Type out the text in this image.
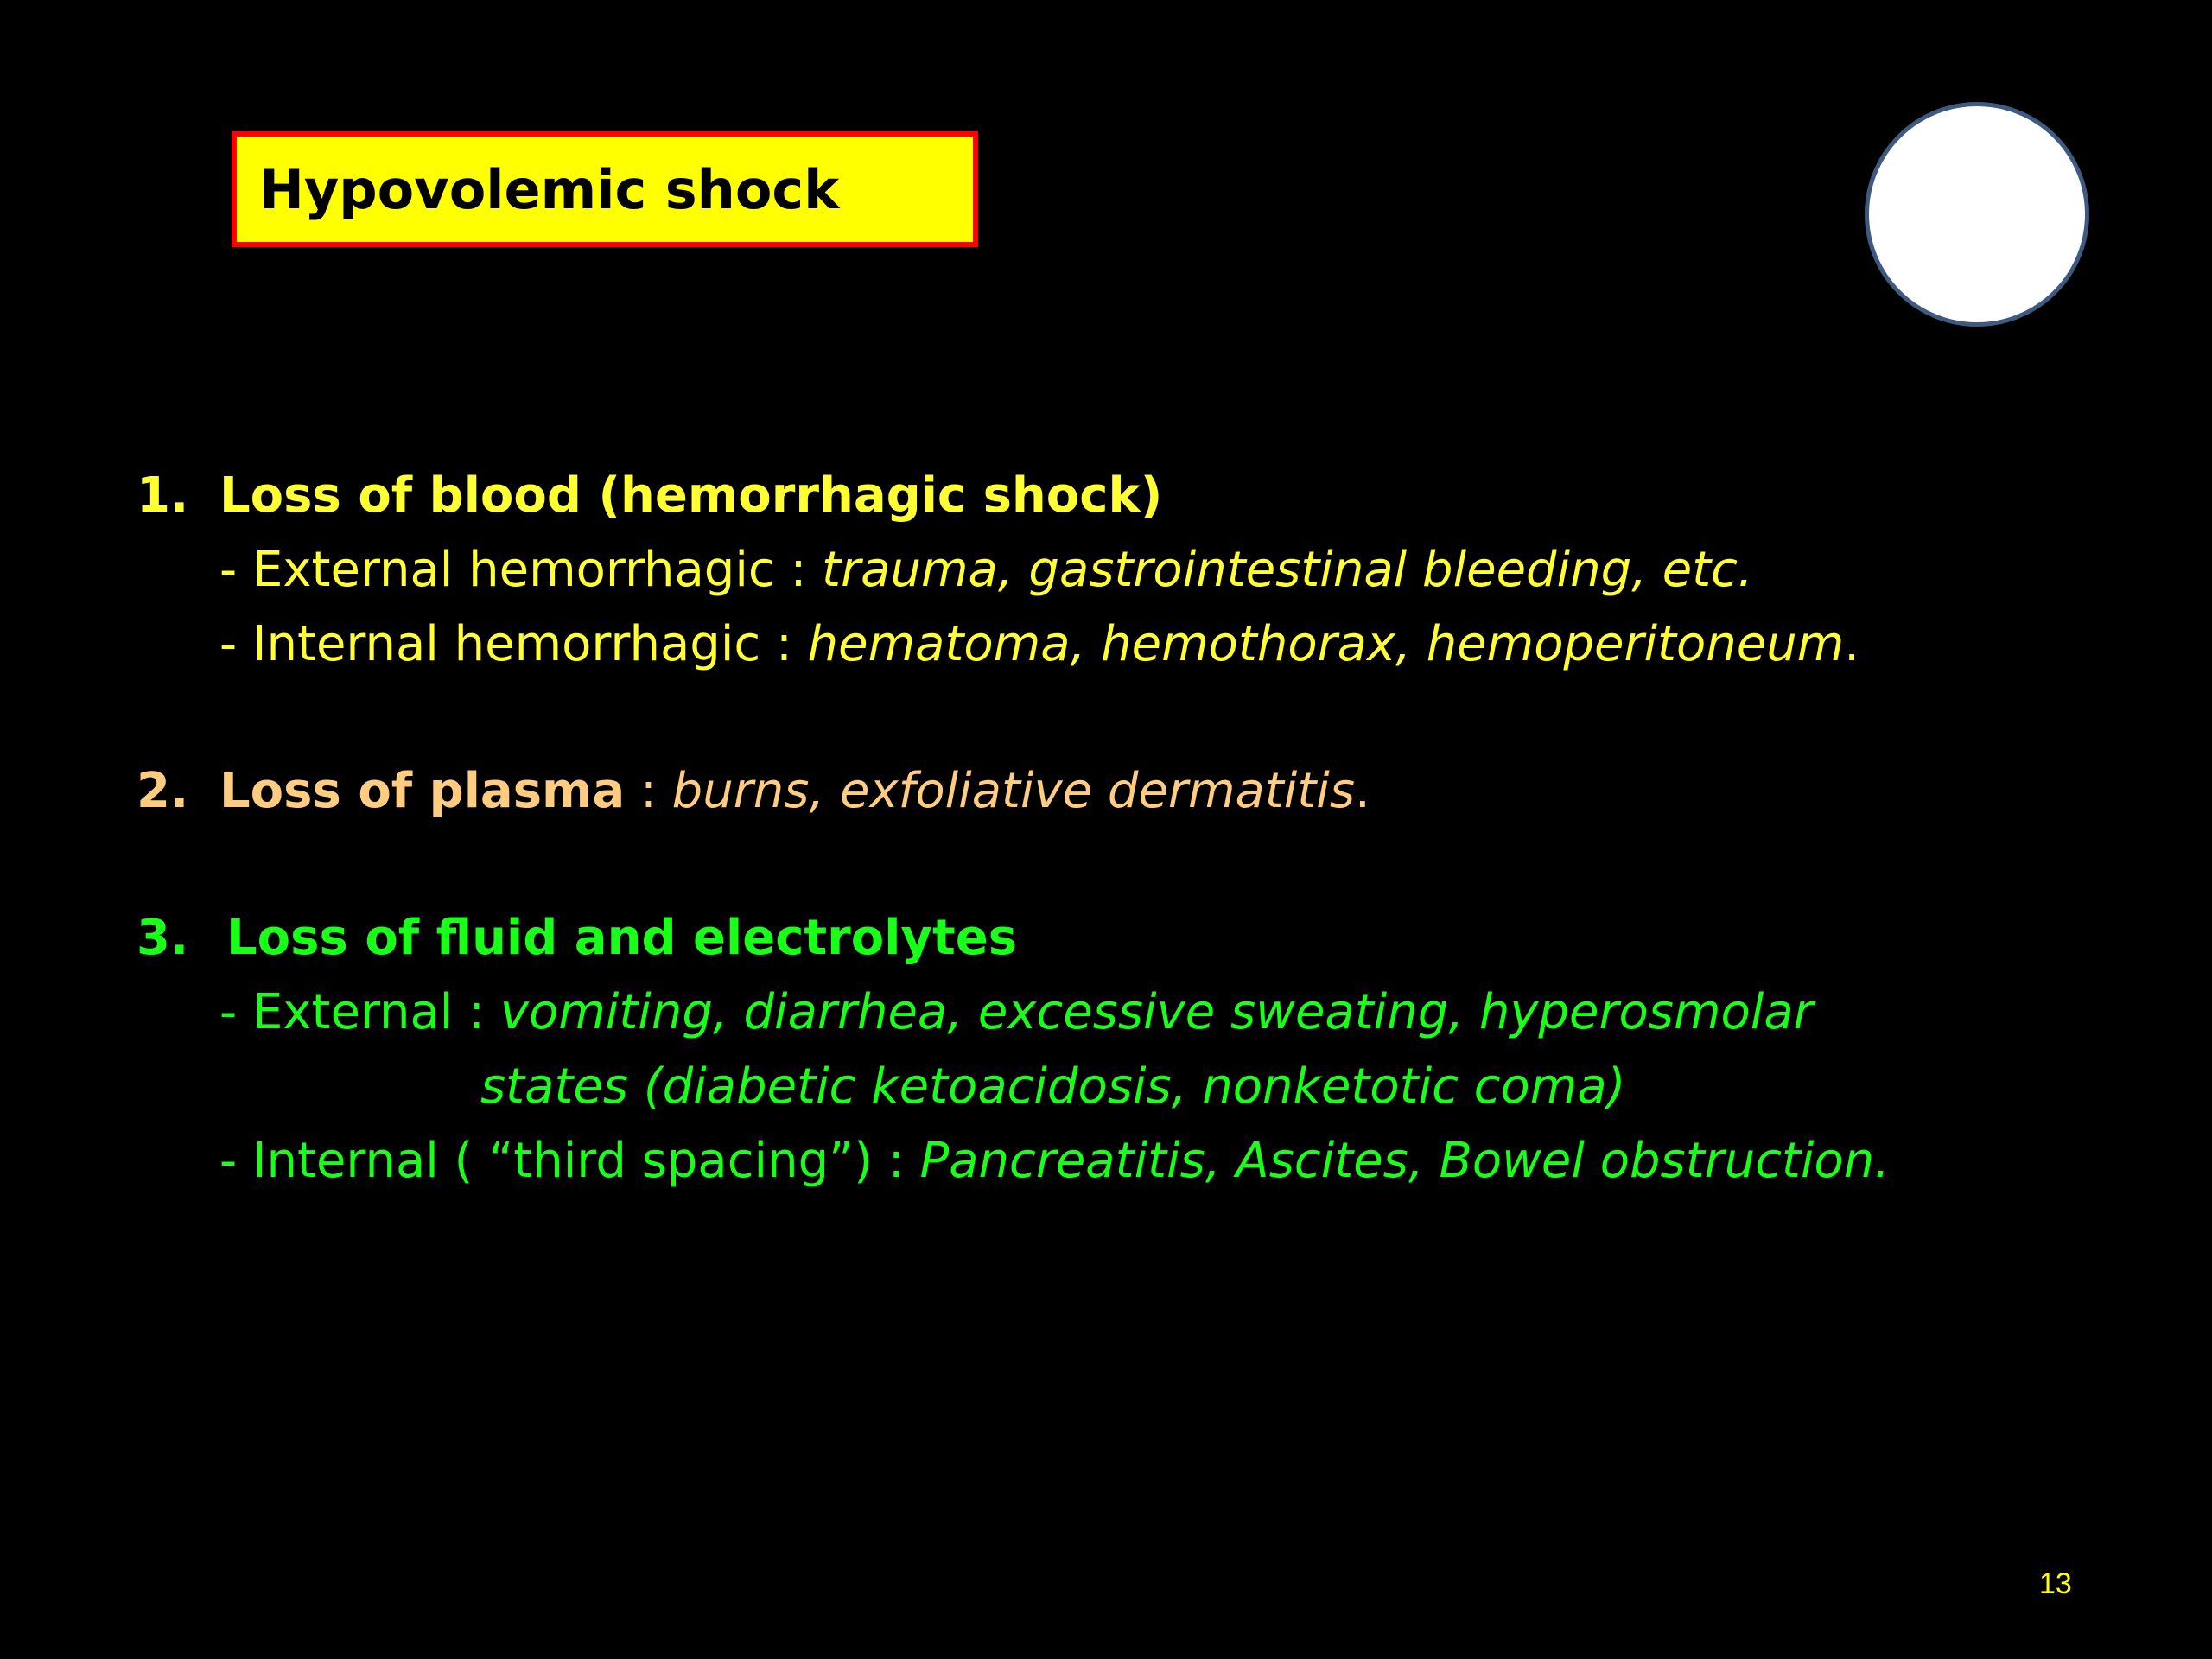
Hypovolemic shock
1. Loss of blood (hemorrhagic shock)
- External hemorrhagic : trauma, gastrointestinal bleeding, etc.
- Internal hemorrhagic : hematoma, hemothorax, hemoperitoneum.
2. Loss of plasma : burns, exfoliative dermatitis.
3. Loss of fluid and electrolytes
- External : vomiting, diarrhea, excessive sweating, hyperosmolar
states (diabetic ketoacidosis, nonketotic coma)
- Internal ( “third spacing”) : Pancreatitis, Ascites, Bowel obstruction.
13
